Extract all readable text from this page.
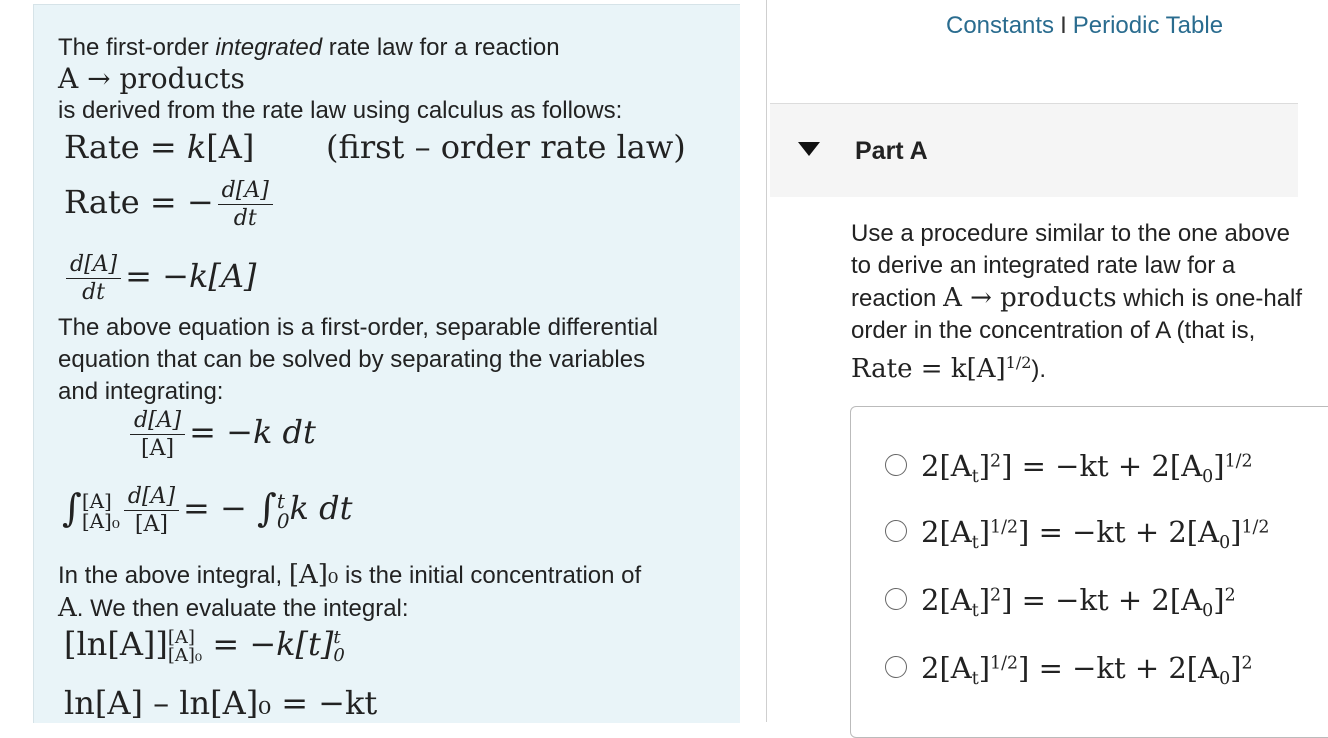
The first-order integrated rate law for a reaction
A → products
is derived from the rate law using calculus as follows:
Rate = k[A] (first – order rate law)
Rate = − $\frac{d[A]}{dt}$
$\frac{d[A]}{dt} = -k[A]$
The above equation is a first-order, separable differential
equation that can be solved by separating the variables
and integrating:
$\frac{d[A]}{[A]} = -k$ dt
∫ [A]
$[A]_0 \frac{d[A]}{[A]}$ = − ∫ t
0 k dt
In the above integral, [A]₀ is the initial concentration of
A. We then evaluate the integral:
[ln[A]] [A]
[A]₀ = −k[t] t
0
ln[A] – ln[A]₀ = −kt
Constants I Periodic Table
Part A
Use a procedure similar to the one above to derive an integrated rate law for a reaction A → products which is one-half order in the concentration of A (that is, Rate = $k[A]^{1/2}$).
$2[A_t]^2] = -kt + 2[A_0]^{1/2}$
$2[A_t]^{1/2}] = -kt + 2[A_0]^{1/2}$
$2[A_t]^2] = -kt + 2[A_0]^2$
$2[A_t]^{1/2}] = -kt + 2[A_0]^2$
